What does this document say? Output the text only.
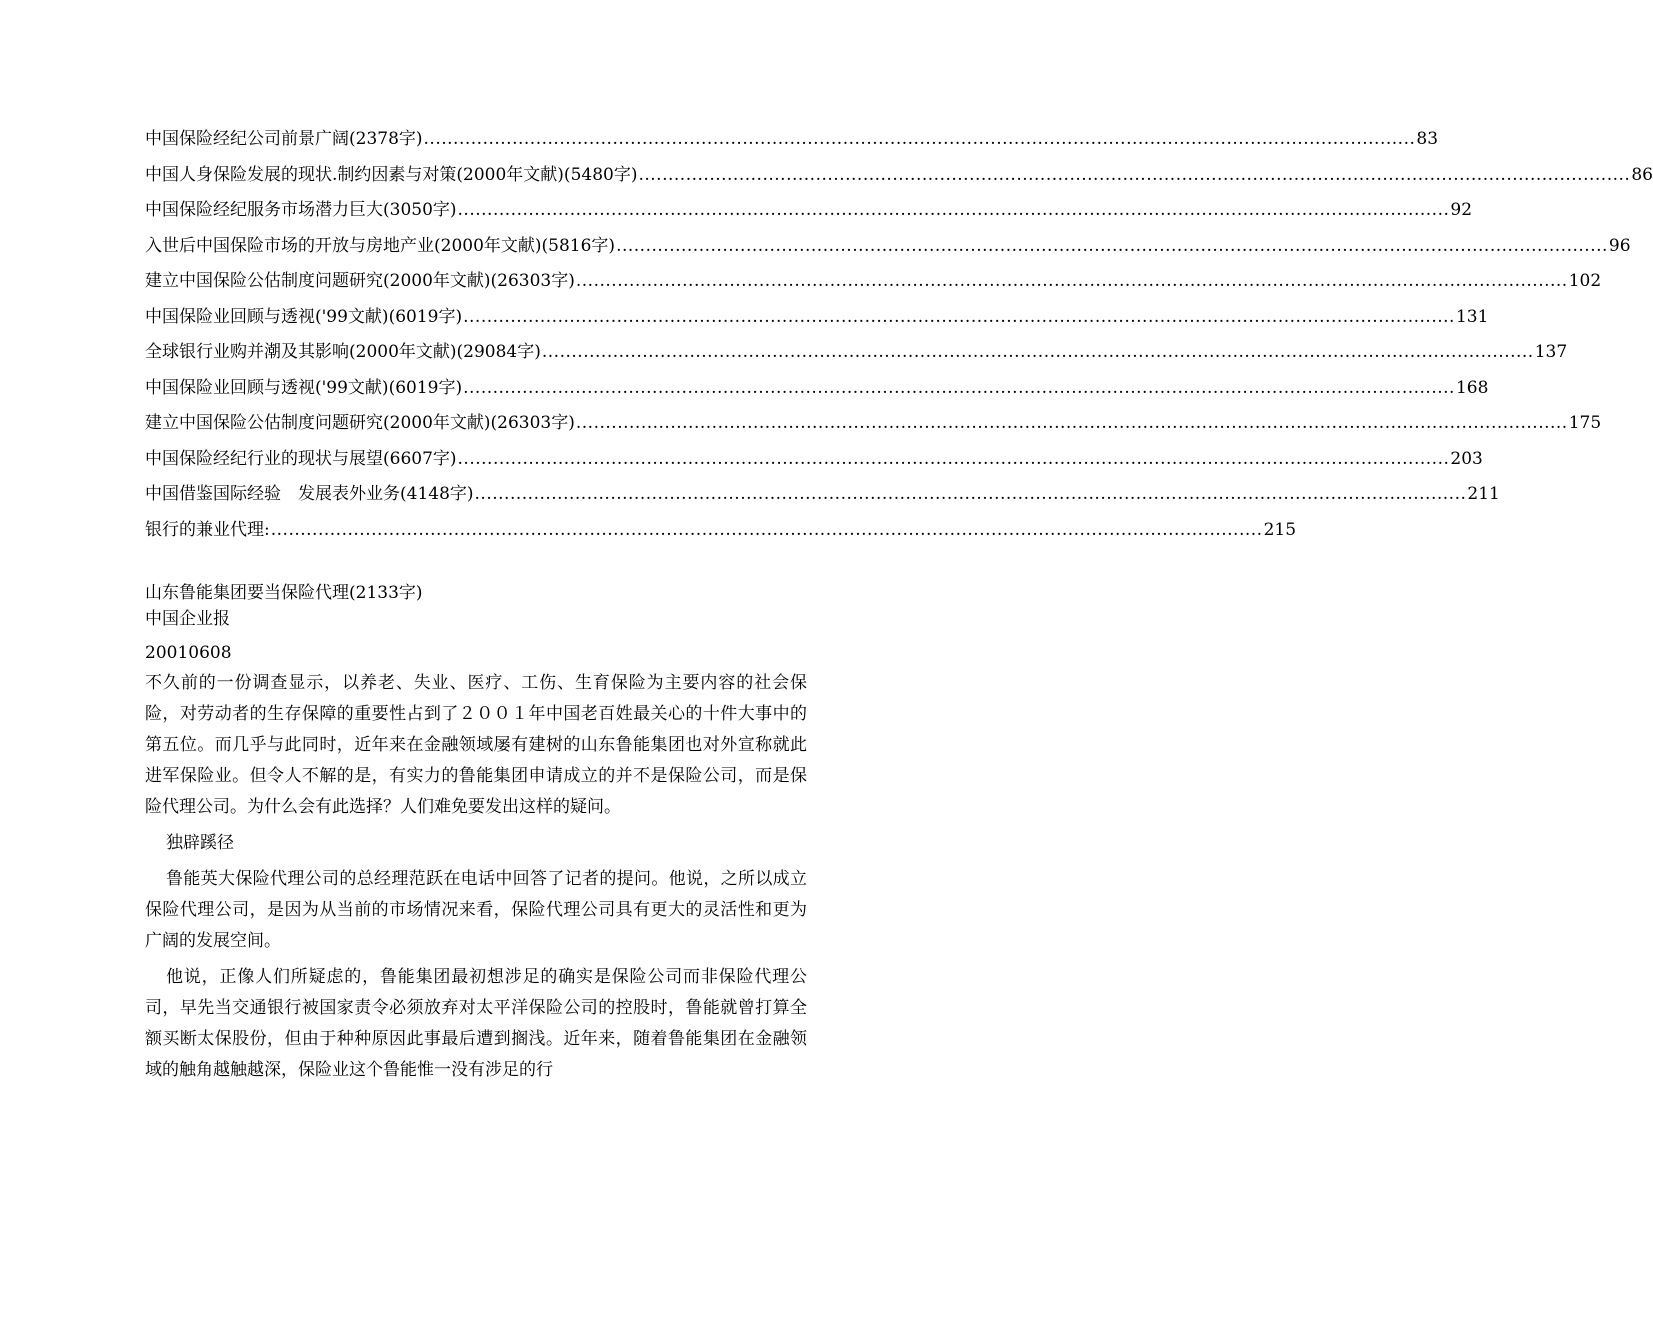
中国保险经纪公司前景广阔(2378字) ........................................................................................................................................................................ 83
中国人身保险发展的现状.制约因素与对策(2000年文献)(5480字) ........................................................................................................................................................................ 86
中国保险经纪服务市场潜力巨大(3050字) ........................................................................................................................................................................ 92
入世后中国保险市场的开放与房地产业(2000年文献)(5816字) ........................................................................................................................................................................ 96
建立中国保险公估制度问题研究(2000年文献)(26303字) ........................................................................................................................................................................ 102
中国保险业回顾与透视('99文献)(6019字) ........................................................................................................................................................................ 131
全球银行业购并潮及其影响(2000年文献)(29084字) ........................................................................................................................................................................ 137
中国保险业回顾与透视('99文献)(6019字) ........................................................................................................................................................................ 168
建立中国保险公估制度问题研究(2000年文献)(26303字) ........................................................................................................................................................................ 175
中国保险经纪行业的现状与展望(6607字) ........................................................................................................................................................................ 203
中国借鉴国际经验　发展表外业务(4148字) ........................................................................................................................................................................ 211
银行的兼业代理: ........................................................................................................................................................................ 215
山东鲁能集团要当保险代理(2133字)
中国企业报
20010608

不久前的一份调查显示，以养老、失业、医疗、工伤、生育保险为主要内容的社会保险，对劳动者的生存保障的重要性占到了２００１年中国老百姓最关心的十件大事中的第五位。而几乎与此同时，近年来在金融领域屡有建树的山东鲁能集团也对外宣称就此进军保险业。但令人不解的是，有实力的鲁能集团申请成立的并不是保险公司，而是保险代理公司。为什么会有此选择？人们难免要发出这样的疑问。

独辟蹊径

鲁能英大保险代理公司的总经理范跃在电话中回答了记者的提问。他说，之所以成立保险代理公司，是因为从当前的市场情况来看，保险代理公司具有更大的灵活性和更为广阔的发展空间。

他说，正像人们所疑虑的，鲁能集团最初想涉足的确实是保险公司而非保险代理公司，早先当交通银行被国家责令必须放弃对太平洋保险公司的控股时，鲁能就曾打算全额买断太保股份，但由于种种原因此事最后遭到搁浅。近年来，随着鲁能集团在金融领域的触角越触越深，保险业这个鲁能惟一没有涉足的行
